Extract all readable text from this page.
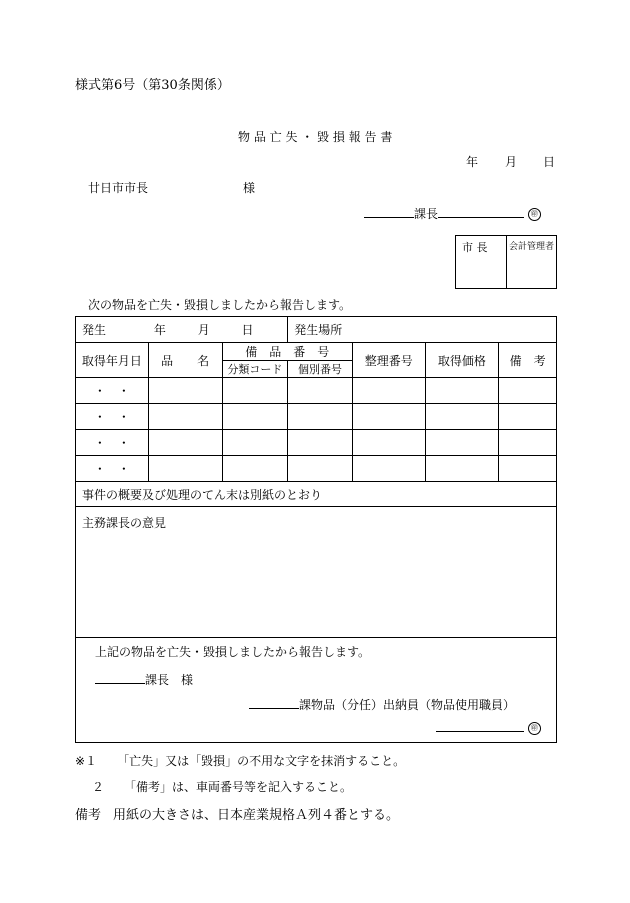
様式第6号（第30条関係）
物 品 亡 失 ・ 毀 損 報 告 書
年 月 日
廿日市市長	様
課長	㊞
市 長	会計管理者
次の物品を亡失・毀損しましたから報告します。
発生 年 月 日			発生場所			
取得年月日	品　　名	備　品　番　号		整理番号	取得価格	備　考
		分類コード	個別番号			
・　・						
・　・						
・　・						
・　・						
事件の概要及び処理のてん末は別紙のとおり						
主務課長の意見						

上記の物品を亡失・毀損しましたから報告します。
課長 様
課物品（分任）出納員（物品使用職員）
㊞						
※１ 「亡失」又は「毀損」の不用な文字を抹消すること。
２ 「備考」は、車両番号等を記入すること。
備考 用紙の大きさは、日本産業規格Ａ列４番とする。
